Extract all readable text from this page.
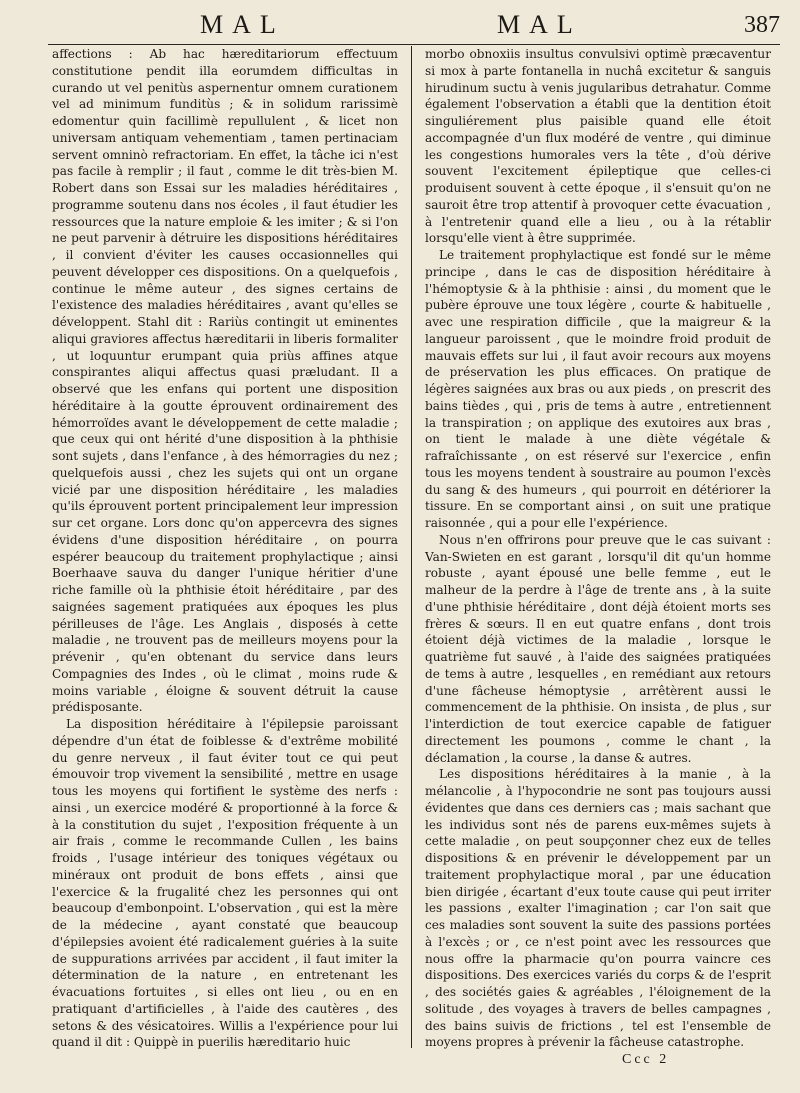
MAL	MAL	387

affections : Ab hac hæreditariorum effectuum constitutione pendit illa eorumdem difficultas in curando ut vel penitùs aspernentur omnem curationem vel ad minimum funditùs ; & in solidum rarissimè edomentur quin facillimè repullulent , & licet non universam antiquam vehementiam , tamen pertinaciam servent omninò refractoriam. En effet, la tâche ici n'est pas facile à remplir ; il faut , comme le dit très-bien M. Robert dans son Essai sur les maladies héréditaires , programme soutenu dans nos écoles , il faut étudier les ressources que la nature emploie & les imiter ; & si l'on ne peut parvenir à détruire les dispositions héréditaires , il convient d'éviter les causes occasionnelles qui peuvent développer ces dispositions. On a quelquefois , continue le même auteur , des signes certains de l'existence des maladies héréditaires , avant qu'elles se développent. Stahl dit : Rariùs contingit ut eminentes aliqui graviores affectus hæreditarii in liberis formaliter , ut loquuntur erumpant quia priùs affines atque conspirantes aliqui affectus quasi præludant. Il a observé que les enfans qui portent une disposition héréditaire à la goutte éprouvent ordinairement des hémorroïdes avant le développement de cette maladie ; que ceux qui ont hérité d'une disposition à la phthisie sont sujets , dans l'enfance , à des hémorragies du nez ; quelquefois aussi , chez les sujets qui ont un organe vicié par une disposition héréditaire , les maladies qu'ils éprouvent portent principalement leur impression sur cet organe. Lors donc qu'on appercevra des signes évidens d'une disposition héréditaire , on pourra espérer beaucoup du traitement prophylactique ; ainsi Boerhaave sauva du danger l'unique héritier d'une riche famille où la phthisie étoit héréditaire , par des saignées sagement pratiquées aux époques les plus périlleuses de l'âge. Les Anglais , disposés à cette maladie , ne trouvent pas de meilleurs moyens pour la prévenir , qu'en obtenant du service dans leurs Compagnies des Indes , où le climat , moins rude & moins variable , éloigne & souvent détruit la cause prédisposante.

La disposition héréditaire à l'épilepsie paroissant dépendre d'un état de foiblesse & d'extrême mobilité du genre nerveux , il faut éviter tout ce qui peut émouvoir trop vivement la sensibilité , mettre en usage tous les moyens qui fortifient le système des nerfs : ainsi , un exercice modéré & proportionné à la force & à la constitution du sujet , l'exposition fréquente à un air frais , comme le recommande Cullen , les bains froids , l'usage intérieur des toniques végétaux ou minéraux ont produit de bons effets , ainsi que l'exercice & la frugalité chez les personnes qui ont beaucoup d'embonpoint. L'observation , qui est la mère de la médecine , ayant constaté que beaucoup d'épilepsies avoient été radicalement guéries à la suite de suppurations arrivées par accident , il faut imiter la détermination de la nature , en entretenant les évacuations fortuites , si elles ont lieu , ou en en pratiquant d'artificielles , à l'aide des cautères , des setons & des vésicatoires. Willis a l'expérience pour lui quand il dit : Quippè in puerilis hæreditario huic

morbo obnoxiis insultus convulsivi optimè præcaventur si mox à parte fontanella in nuchâ excitetur & sanguis hirudinum suctu à venis jugularibus detrahatur. Comme également l'observation a établi que la dentition étoit singuliérement plus paisible quand elle étoit accompagnée d'un flux modéré de ventre , qui diminue les congestions humorales vers la tête , d'où dérive souvent l'excitement épileptique que celles-ci produisent souvent à cette époque , il s'ensuit qu'on ne sauroit être trop attentif à provoquer cette évacuation , à l'entretenir quand elle a lieu , ou à la rétablir lorsqu'elle vient à être supprimée.

Le traitement prophylactique est fondé sur le même principe , dans le cas de disposition héréditaire à l'hémoptysie & à la phthisie : ainsi , du moment que le pubère éprouve une toux légère , courte & habituelle , avec une respiration difficile , que la maigreur & la langueur paroissent , que le moindre froid produit de mauvais effets sur lui , il faut avoir recours aux moyens de préservation les plus efficaces. On pratique de légères saignées aux bras ou aux pieds , on prescrit des bains tièdes , qui , pris de tems à autre , entretiennent la transpiration ; on applique des exutoires aux bras , on tient le malade à une diète végétale & rafraîchissante , on est réservé sur l'exercice , enfin tous les moyens tendent à soustraire au poumon l'excès du sang & des humeurs , qui pourroit en détériorer la tissure. En se comportant ainsi , on suit une pratique raisonnée , qui a pour elle l'expérience.

Nous n'en offrirons pour preuve que le cas suivant : Van-Swieten en est garant , lorsqu'il dit qu'un homme robuste , ayant épousé une belle femme , eut le malheur de la perdre à l'âge de trente ans , à la suite d'une phthisie héréditaire , dont déjà étoient morts ses frères & sœurs. Il en eut quatre enfans , dont trois étoient déjà victimes de la maladie , lorsque le quatrième fut sauvé , à l'aide des saignées pratiquées de tems à autre , lesquelles , en remédiant aux retours d'une fâcheuse hémoptysie , arrêtèrent aussi le commencement de la phthisie. On insista , de plus , sur l'interdiction de tout exercice capable de fatiguer directement les poumons , comme le chant , la déclamation , la course , la danse & autres.

Les dispositions héréditaires à la manie , à la mélancolie , à l'hypocondrie ne sont pas toujours aussi évidentes que dans ces derniers cas ; mais sachant que les individus sont nés de parens eux-mêmes sujets à cette maladie , on peut soupçonner chez eux de telles dispositions & en prévenir le développement par un traitement prophylactique moral , par une éducation bien dirigée , écartant d'eux toute cause qui peut irriter les passions , exalter l'imagination ; car l'on sait que ces maladies sont souvent la suite des passions portées à l'excès ; or , ce n'est point avec les ressources que nous offre la pharmacie qu'on pourra vaincre ces dispositions. Des exercices variés du corps & de l'esprit , des sociétés gaies & agréables , l'éloignement de la solitude , des voyages à travers de belles campagnes , des bains suivis de frictions , tel est l'ensemble de moyens propres à prévenir la fâcheuse catastrophe.

Ccc 2
